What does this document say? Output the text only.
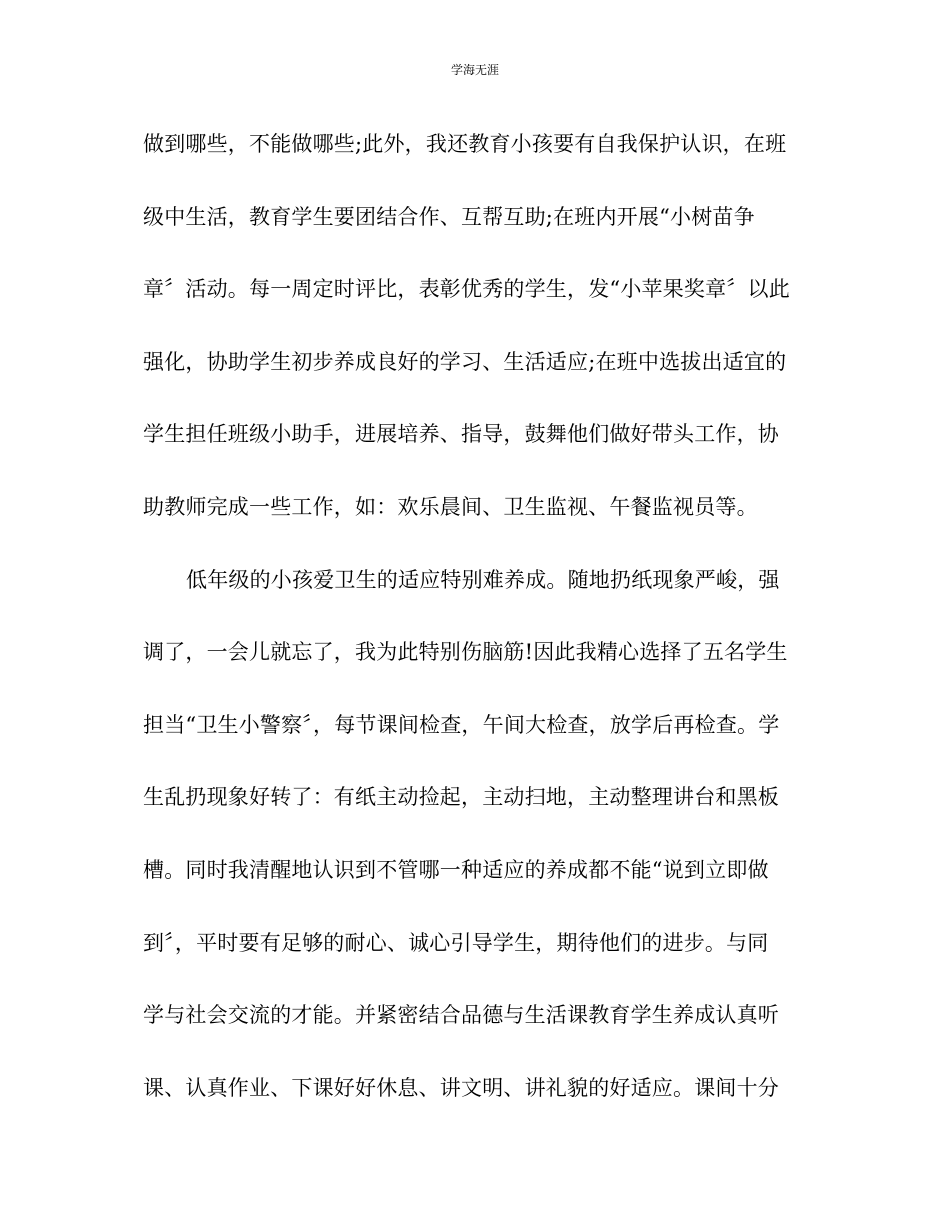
学海无涯
做到哪些，不能做哪些;此外，我还教育小孩要有自我保护认识，在班
级中生活，教育学生要团结合作、互帮互助;在班内开展“小树苗争
章〞活动。每一周定时评比，表彰优秀的学生，发“小苹果奖章〞以此
强化，协助学生初步养成良好的学习、生活适应;在班中选拔出适宜的
学生担任班级小助手，进展培养、指导，鼓舞他们做好带头工作，协
助教师完成一些工作，如：欢乐晨间、卫生监视、午餐监视员等。
低年级的小孩爱卫生的适应特别难养成。随地扔纸现象严峻，强
调了，一会儿就忘了，我为此特别伤脑筋!因此我精心选择了五名学生
担当“卫生小警察〞，每节课间检查，午间大检查，放学后再检查。学
生乱扔现象好转了：有纸主动捡起，主动扫地，主动整理讲台和黑板
槽。同时我清醒地认识到不管哪一种适应的养成都不能“说到立即做
到〞，平时要有足够的耐心、诚心引导学生，期待他们的进步。与同
学与社会交流的才能。并紧密结合品德与生活课教育学生养成认真听
课、认真作业、下课好好休息、讲文明、讲礼貌的好适应。课间十分
